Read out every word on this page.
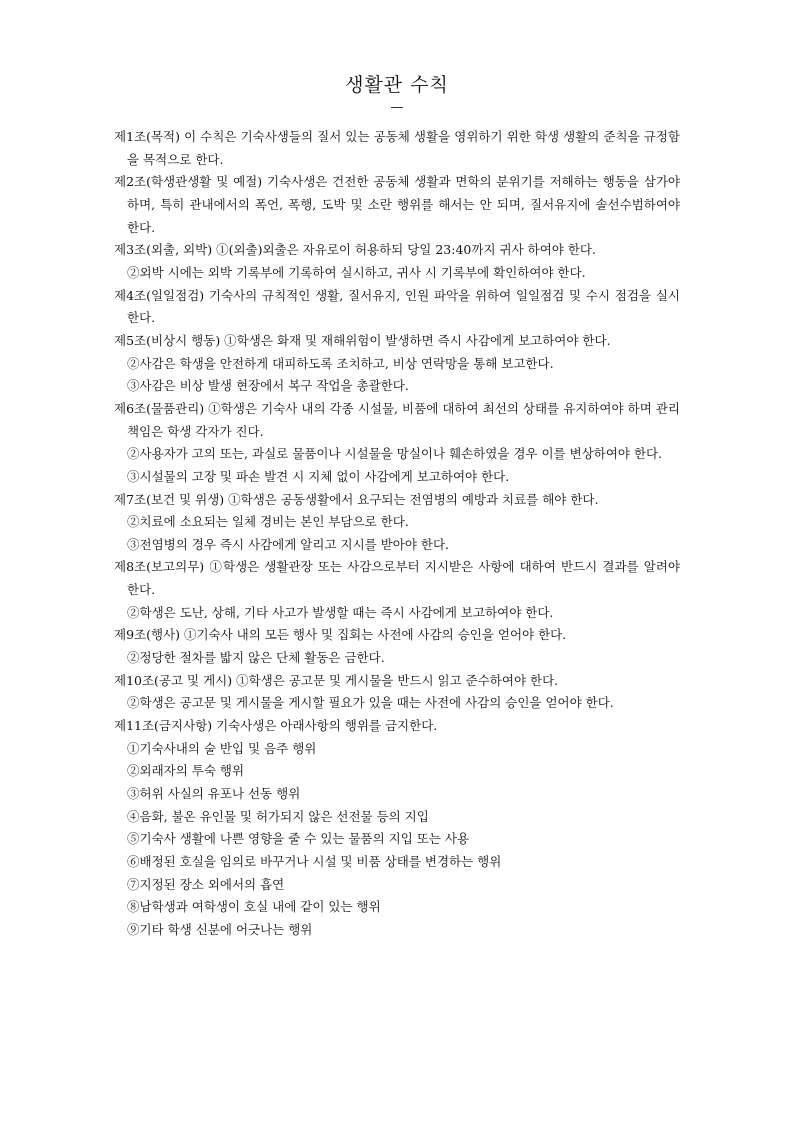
생활관 수칙
—

제1조(목적) 이 수칙은 기숙사생들의 질서 있는 공동체 생활을 영위하기 위한 학생 생활의 준칙을 규정함을 목적으로 한다.

제2조(학생관생활 및 예절) 기숙사생은 건전한 공동체 생활과 면학의 분위기를 저해하는 행동을 삼가야 하며, 특히 관내에서의 폭언, 폭행, 도박 및 소란 행위를 해서는 안 되며, 질서유지에 솔선수범하여야 한다.

제3조(외출, 외박) ①(외출)외출은 자유로이 허용하되 당일 23:40까지 귀사 하여야 한다.

②외박 시에는 외박 기록부에 기록하여 실시하고, 귀사 시 기록부에 확인하여야 한다.

제4조(일일점검) 기숙사의 규칙적인 생활, 질서유지, 인원 파악을 위하여 일일점검 및 수시 점검을 실시한다.

제5조(비상시 행동) ①학생은 화재 및 재해위험이 발생하면 즉시 사감에게 보고하여야 한다.

②사감은 학생을 안전하게 대피하도록 조치하고, 비상 연락망을 통해 보고한다.

③사감은 비상 발생 현장에서 복구 작업을 총괄한다.

제6조(물품관리) ①학생은 기숙사 내의 각종 시설물, 비품에 대하여 최선의 상태를 유지하여야 하며 관리책임은 학생 각자가 진다.

②사용자가 고의 또는, 과실로 물품이나 시설물을 망실이나 훼손하였을 경우 이를 변상하여야 한다.

③시설물의 고장 및 파손 발견 시 지체 없이 사감에게 보고하여야 한다.

제7조(보건 및 위생) ①학생은 공동생활에서 요구되는 전염병의 예방과 치료를 해야 한다.

②치료에 소요되는 일체 경비는 본인 부담으로 한다.

③전염병의 경우 즉시 사감에게 알리고 지시를 받아야 한다.

제8조(보고의무) ①학생은 생활관장 또는 사감으로부터 지시받은 사항에 대하여 반드시 결과를 알려야 한다.

②학생은 도난, 상해, 기타 사고가 발생할 때는 즉시 사감에게 보고하여야 한다.

제9조(행사) ①기숙사 내의 모든 행사 및 집회는 사전에 사감의 승인을 얻어야 한다.

②정당한 절차를 밟지 않은 단체 활동은 금한다.

제10조(공고 및 게시) ①학생은 공고문 및 게시물을 반드시 읽고 준수하여야 한다.

②학생은 공고문 및 게시물을 게시할 필요가 있을 때는 사전에 사감의 승인을 얻어야 한다.

제11조(금지사항) 기숙사생은 아래사항의 행위를 금지한다.

①기숙사내의 술 반입 및 음주 행위

②외래자의 투숙 행위

③허위 사실의 유포나 선동 행위

④음화, 불온 유인물 및 허가되지 않은 선전물 등의 지입

⑤기숙사 생활에 나쁜 영향을 줄 수 있는 물품의 지입 또는 사용

⑥배정된 호실을 임의로 바꾸거나 시설 및 비품 상태를 변경하는 행위

⑦지정된 장소 외에서의 흡연

⑧남학생과 여학생이 호실 내에 같이 있는 행위

⑨기타 학생 신분에 어긋나는 행위
